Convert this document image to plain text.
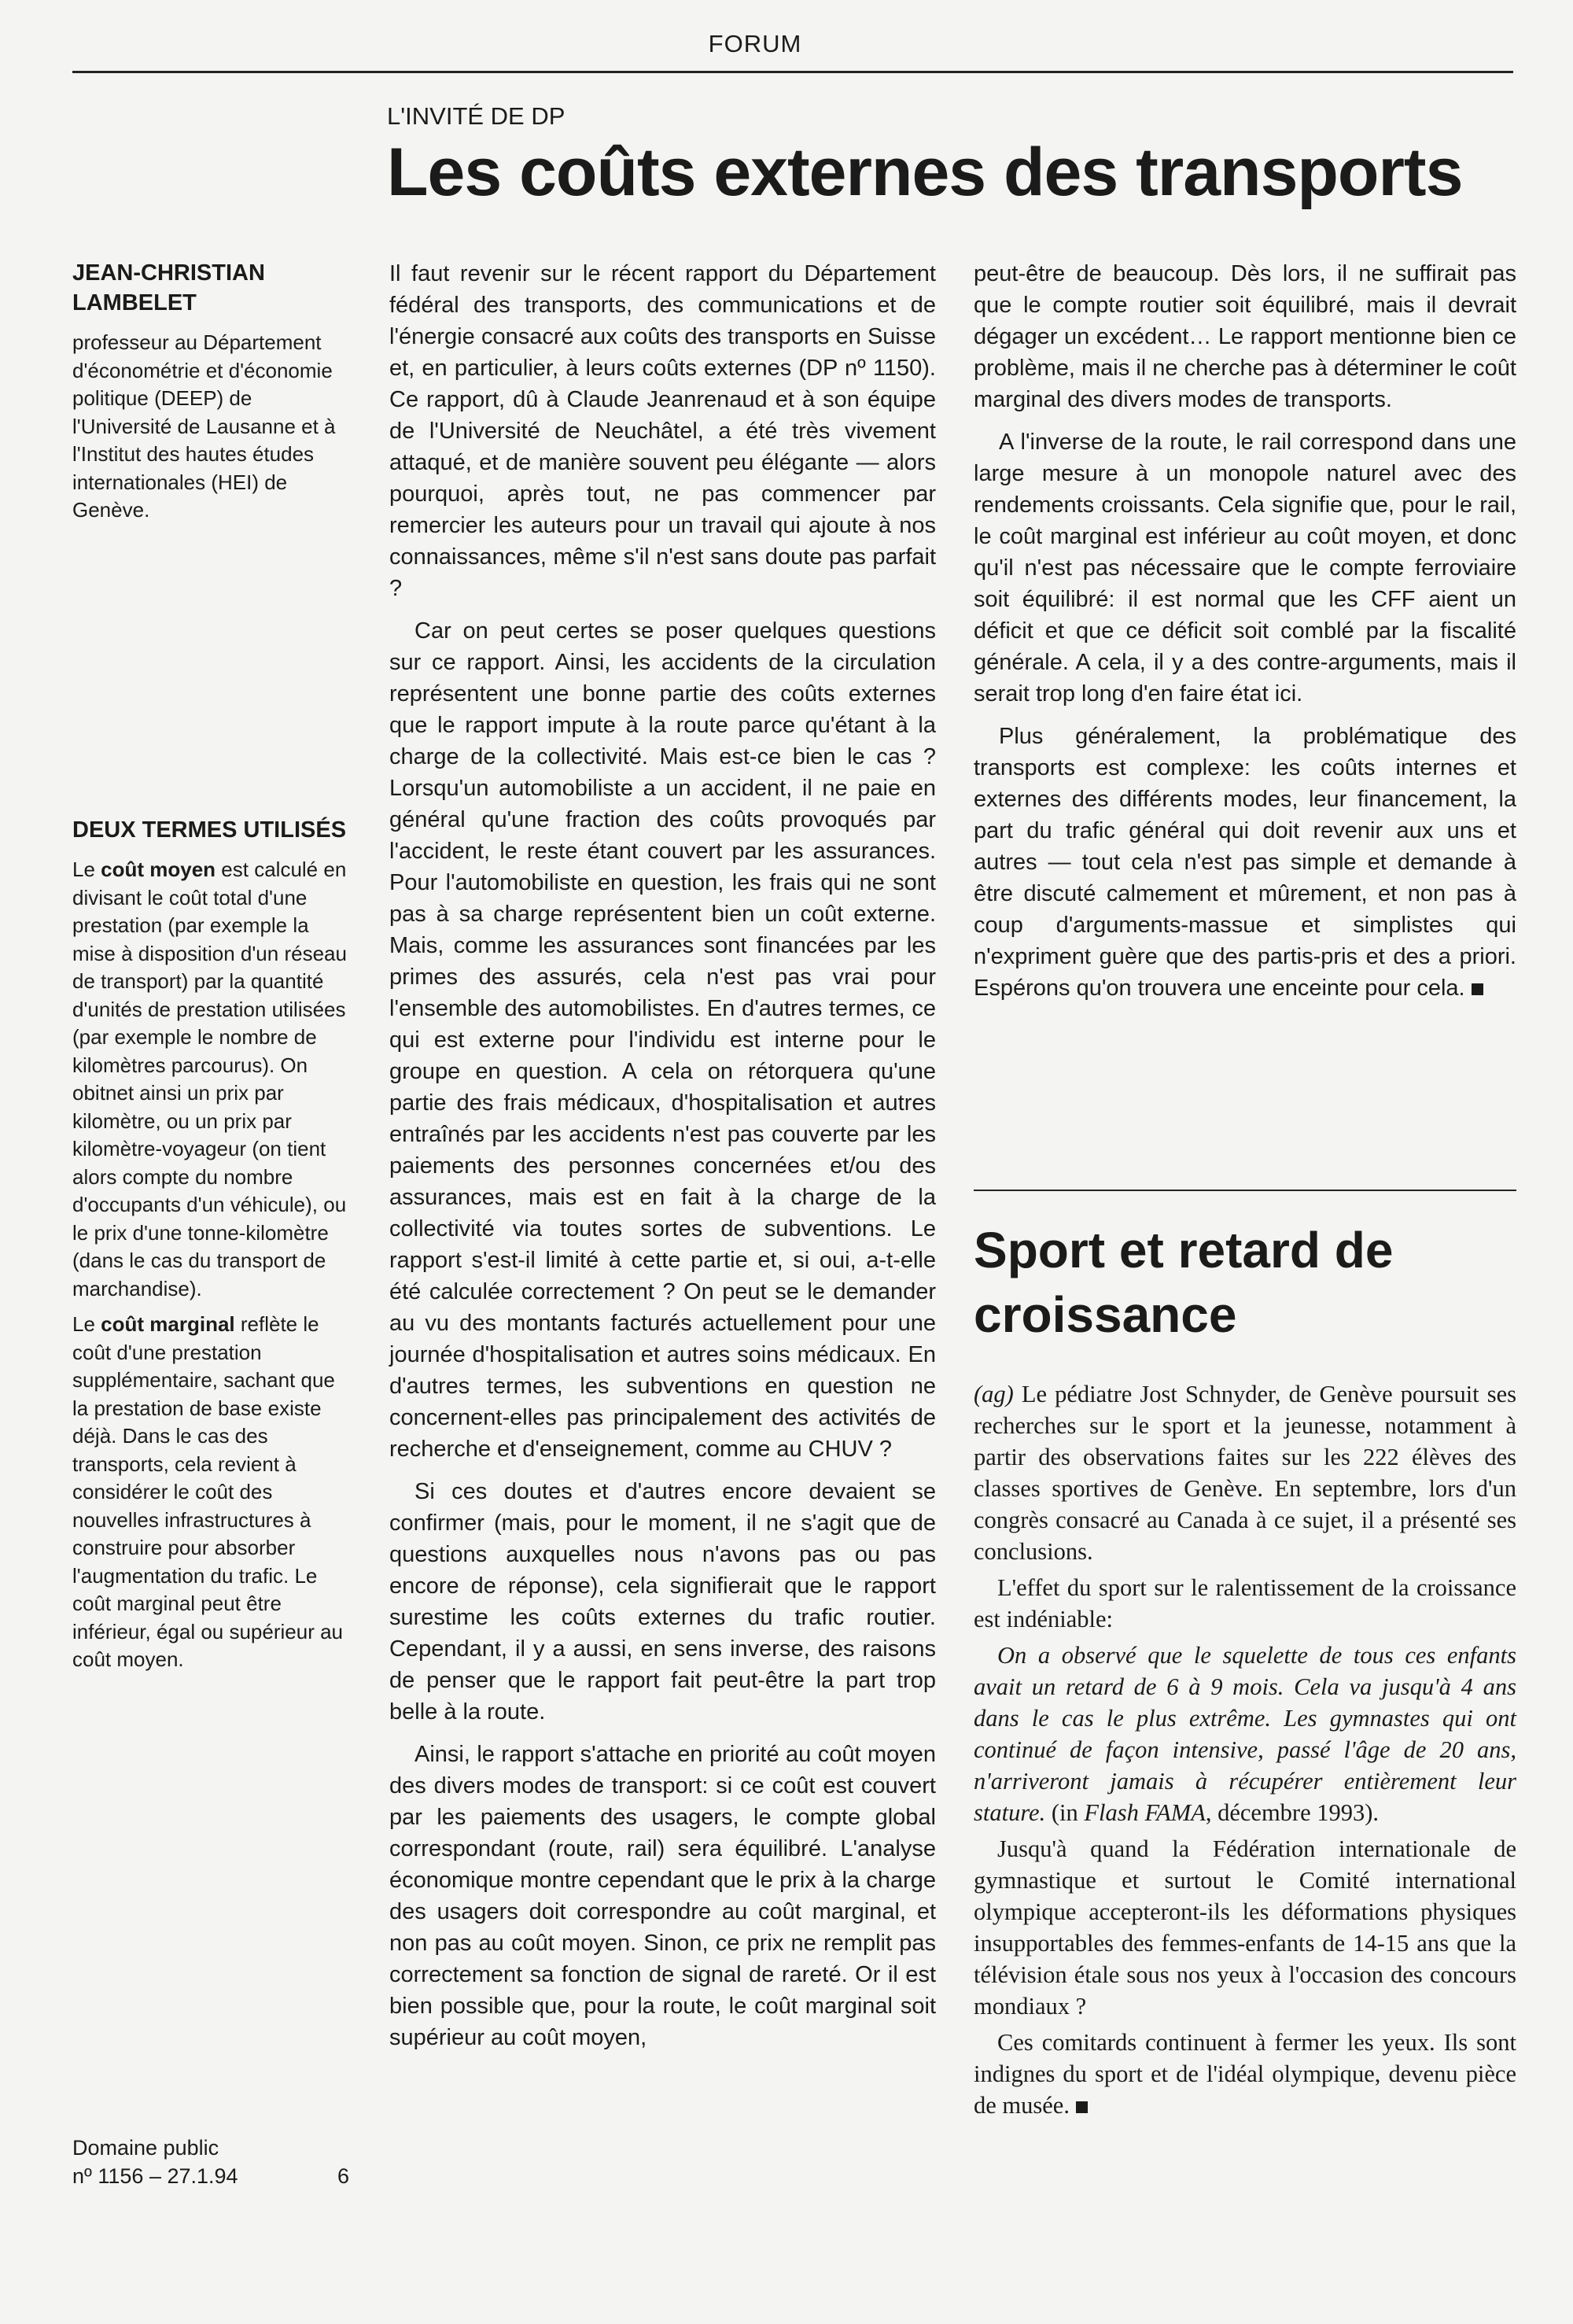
FORUM
L'INVITÉ DE DP
Les coûts externes des transports
JEAN-CHRISTIAN LAMBELET
professeur au Département d'économétrie et d'économie politique (DEEP) de l'Université de Lausanne et à l'Institut des hautes études internationales (HEI) de Genève.
DEUX TERMES UTILISÉS

Le coût moyen est calculé en divisant le coût total d'une prestation (par exemple la mise à disposition d'un réseau de transport) par la quantité d'unités de prestation utilisées (par exemple le nombre de kilomètres parcourus). On obitnet ainsi un prix par kilomètre, ou un prix par kilomètre-voyageur (on tient alors compte du nombre d'occupants d'un véhicule), ou le prix d'une tonne-kilomètre (dans le cas du transport de marchandise).

Le coût marginal reflète le coût d'une prestation supplémentaire, sachant que la prestation de base existe déjà. Dans le cas des transports, cela revient à considérer le coût des nouvelles infrastructures à construire pour absorber l'augmentation du trafic. Le coût marginal peut être inférieur, égal ou supérieur au coût moyen.

Domaine public
nº 1156 – 27.1.94	6

Il faut revenir sur le récent rapport du Département fédéral des transports, des communications et de l'énergie consacré aux coûts des transports en Suisse et, en particulier, à leurs coûts externes (DP nº 1150). Ce rapport, dû à Claude Jeanrenaud et à son équipe de l'Université de Neuchâtel, a été très vivement attaqué, et de manière souvent peu élégante — alors pourquoi, après tout, ne pas commencer par remercier les auteurs pour un travail qui ajoute à nos connaissances, même s'il n'est sans doute pas parfait ?

Car on peut certes se poser quelques questions sur ce rapport. Ainsi, les accidents de la circulation représentent une bonne partie des coûts externes que le rapport impute à la route parce qu'étant à la charge de la collectivité. Mais est-ce bien le cas ? Lorsqu'un automobiliste a un accident, il ne paie en général qu'une fraction des coûts provoqués par l'accident, le reste étant couvert par les assurances. Pour l'automobiliste en question, les frais qui ne sont pas à sa charge représentent bien un coût externe. Mais, comme les assurances sont financées par les primes des assurés, cela n'est pas vrai pour l'ensemble des automobilistes. En d'autres termes, ce qui est externe pour l'individu est interne pour le groupe en question. A cela on rétorquera qu'une partie des frais médicaux, d'hospitalisation et autres entraînés par les accidents n'est pas couverte par les paiements des personnes concernées et/ou des assurances, mais est en fait à la charge de la collectivité via toutes sortes de subventions. Le rapport s'est-il limité à cette partie et, si oui, a-t-elle été calculée correctement ? On peut se le demander au vu des montants facturés actuellement pour une journée d'hospitalisation et autres soins médicaux. En d'autres termes, les subventions en question ne concernent-elles pas principalement des activités de recherche et d'enseignement, comme au CHUV ?

Si ces doutes et d'autres encore devaient se confirmer (mais, pour le moment, il ne s'agit que de questions auxquelles nous n'avons pas ou pas encore de réponse), cela signifierait que le rapport surestime les coûts externes du trafic routier. Cependant, il y a aussi, en sens inverse, des raisons de penser que le rapport fait peut-être la part trop belle à la route.

Ainsi, le rapport s'attache en priorité au coût moyen des divers modes de transport: si ce coût est couvert par les paiements des usagers, le compte global correspondant (route, rail) sera équilibré. L'analyse économique montre cependant que le prix à la charge des usagers doit correspondre au coût marginal, et non pas au coût moyen. Sinon, ce prix ne remplit pas correctement sa fonction de signal de rareté. Or il est bien possible que, pour la route, le coût marginal soit supérieur au coût moyen,

peut-être de beaucoup. Dès lors, il ne suffirait pas que le compte routier soit équilibré, mais il devrait dégager un excédent… Le rapport mentionne bien ce problème, mais il ne cherche pas à déterminer le coût marginal des divers modes de transports.

A l'inverse de la route, le rail correspond dans une large mesure à un monopole naturel avec des rendements croissants. Cela signifie que, pour le rail, le coût marginal est inférieur au coût moyen, et donc qu'il n'est pas nécessaire que le compte ferroviaire soit équilibré: il est normal que les CFF aient un déficit et que ce déficit soit comblé par la fiscalité générale. A cela, il y a des contre-arguments, mais il serait trop long d'en faire état ici.

Plus généralement, la problématique des transports est complexe: les coûts internes et externes des différents modes, leur financement, la part du trafic général qui doit revenir aux uns et autres — tout cela n'est pas simple et demande à être discuté calmement et mûrement, et non pas à coup d'arguments-massue et simplistes qui n'expriment guère que des partis-pris et des a priori. Espérons qu'on trouvera une enceinte pour cela.

Sport et retard de croissance

(ag) Le pédiatre Jost Schnyder, de Genève poursuit ses recherches sur le sport et la jeunesse, notamment à partir des observations faites sur les 222 élèves des classes sportives de Genève. En septembre, lors d'un congrès consacré au Canada à ce sujet, il a présenté ses conclusions.

L'effet du sport sur le ralentissement de la croissance est indéniable:

On a observé que le squelette de tous ces enfants avait un retard de 6 à 9 mois. Cela va jusqu'à 4 ans dans le cas le plus extrême. Les gymnastes qui ont continué de façon intensive, passé l'âge de 20 ans, n'arriveront jamais à récupérer entièrement leur stature. (in Flash FAMA, décembre 1993).

Jusqu'à quand la Fédération internationale de gymnastique et surtout le Comité international olympique accepteront-ils les déformations physiques insupportables des femmes-enfants de 14-15 ans que la télévision étale sous nos yeux à l'occasion des concours mondiaux ?

Ces comitards continuent à fermer les yeux. Ils sont indignes du sport et de l'idéal olympique, devenu pièce de musée.
